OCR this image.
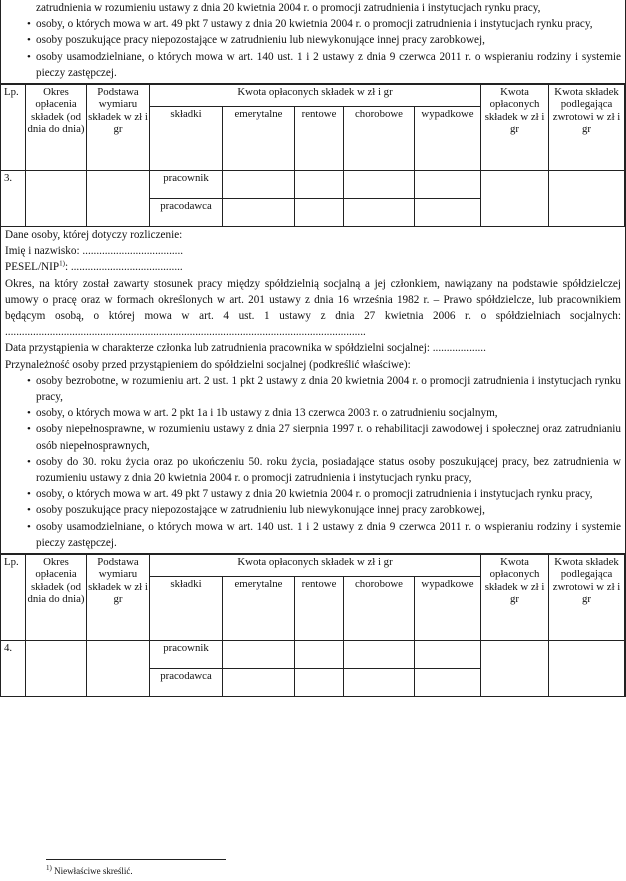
zatrudnienia w rozumieniu ustawy z dnia 20 kwietnia 2004 r. o promocji zatrudnienia i instytucjach rynku pracy,
• osoby, o których mowa w art. 49 pkt 7 ustawy z dnia 20 kwietnia 2004 r. o promocji zatrudnienia i instytucjach rynku pracy,
• osoby poszukujące pracy niepozostające w zatrudnieniu lub niewykonujące innej pracy zarobkowej,
• osoby usamodzielniane, o których mowa w art. 140 ust. 1 i 2 ustawy z dnia 9 czerwca 2011 r. o wspieraniu rodziny i systemie pieczy zastępczej.
Lp.	Okres opłacenia składek (od dnia do dnia)	Podstawa wymiaru składek w zł i gr	Kwota opłaconych składek w zł i gr					Kwota opłaconych składek w zł i gr	Kwota składek podlegająca zwrotowi w zł i gr
			składki	emerytalne	rentowe	chorobowe	wypadkowe		
3.			pracownik						
			pracodawca						

Dane osoby, której dotyczy rozliczenie:

Imię i nazwisko: ....................................

PESEL/NIP$^{1)}$: ........................................

Okres, na który został zawarty stosunek pracy między spółdzielnią socjalną a jej członkiem, nawiązany na podstawie spółdzielczej umowy o pracę oraz w formach określonych w art. 201 ustawy z dnia 16 września 1982 r. – Prawo spółdzielcze, lub pracownikiem będącym osobą, o której mowa w art. 4 ust. 1 ustawy z dnia 27 kwietnia 2006 r. o spółdzielniach socjalnych: .................................................................................................................................

Data przystąpienia w charakterze członka lub zatrudnienia pracownika w spółdzielni socjalnej: ...................

Przynależność osoby przed przystąpieniem do spółdzielni socjalnej (podkreślić właściwe):

• osoby bezrobotne, w rozumieniu art. 2 ust. 1 pkt 2 ustawy z dnia 20 kwietnia 2004 r. o promocji zatrudnienia i instytucjach rynku pracy,
• osoby, o których mowa w art. 2 pkt 1a i 1b ustawy z dnia 13 czerwca 2003 r. o zatrudnieniu socjalnym,
• osoby niepełnosprawne, w rozumieniu ustawy z dnia 27 sierpnia 1997 r. o rehabilitacji zawodowej i społecznej oraz zatrudnianiu osób niepełnosprawnych,
• osoby do 30. roku życia oraz po ukończeniu 50. roku życia, posiadające status osoby poszukującej pracy, bez zatrudnienia w rozumieniu ustawy z dnia 20 kwietnia 2004 r. o promocji zatrudnienia i instytucjach rynku pracy,
• osoby, o których mowa w art. 49 pkt 7 ustawy z dnia 20 kwietnia 2004 r. o promocji zatrudnienia i instytucjach rynku pracy,
• osoby poszukujące pracy niepozostające w zatrudnieniu lub niewykonujące innej pracy zarobkowej,
• osoby usamodzielniane, o których mowa w art. 140 ust. 1 i 2 ustawy z dnia 9 czerwca 2011 r. o wspieraniu rodziny i systemie pieczy zastępczej.
Lp.	Okres opłacenia składek (od dnia do dnia)	Podstawa wymiaru składek w zł i gr	Kwota opłaconych składek w zł i gr					Kwota opłaconych składek w zł i gr	Kwota składek podlegająca zwrotowi w zł i gr
			składki	emerytalne	rentowe	chorobowe	wypadkowe		
4.			pracownik						
			pracodawca						
$^{1)}$ Niewłaściwe skreślić.
